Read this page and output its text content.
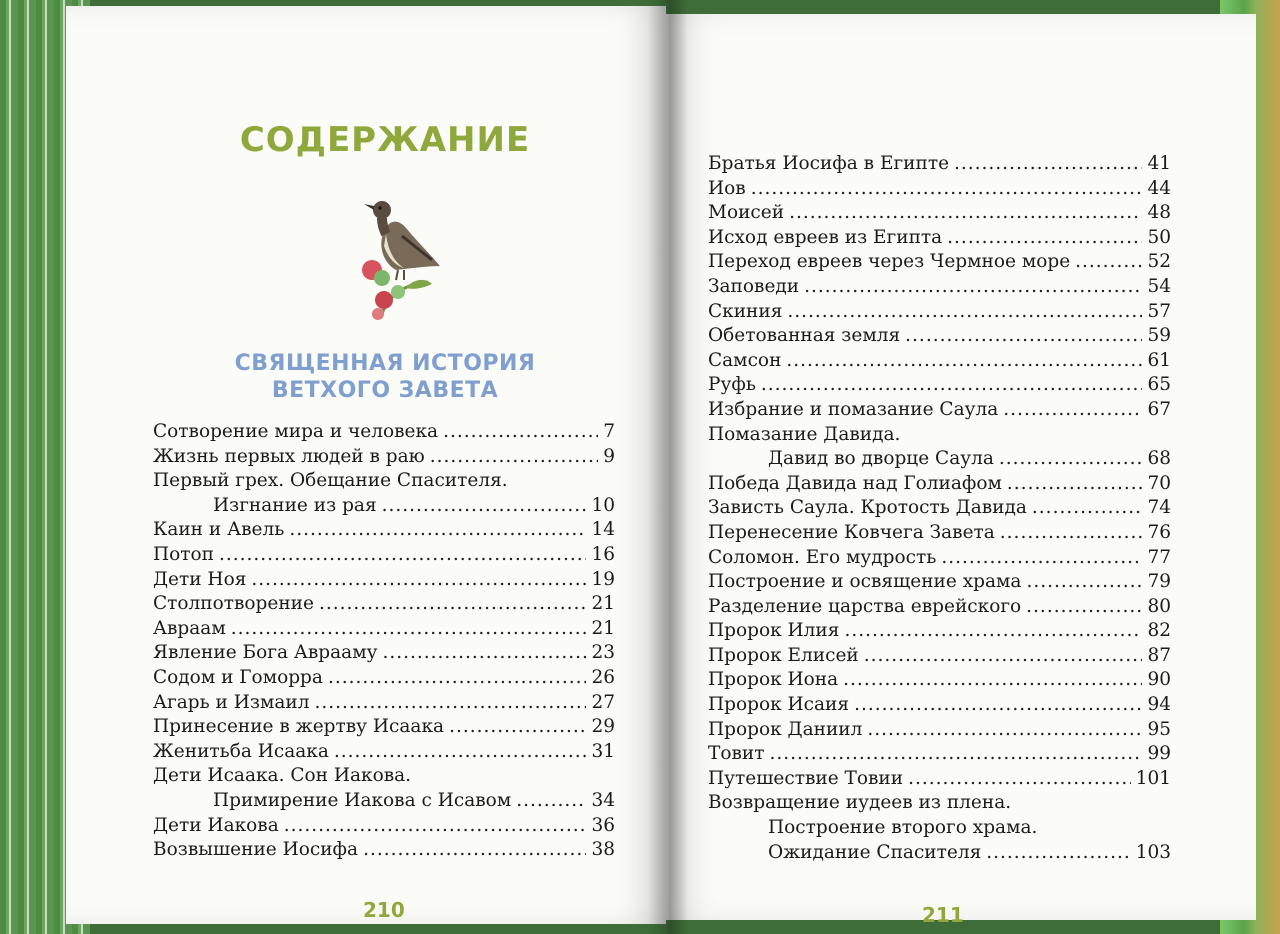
СОДЕРЖАНИЕ
СВЯЩЕННАЯ ИСТОРИЯ
ВЕТХОГО ЗАВЕТА
Сотворение мира и человека .....	7
Жизнь первых людей в раю .....	9
Первый грех. Обещание Спасителя.
Изгнание из рая .....	10
Каин и Авель .....	14
Потоп .....	16
Дети Ноя .....	19
Столпотворение .....	21
Авраам .....	21
Явление Бога Аврааму .....	23
Содом и Гоморра .....	26
Агарь и Измаил .....	27
Принесение в жертву Исаака .....	29
Женитьба Исаака .....	31
Дети Исаака. Сон Иакова.
Примирение Иакова с Исавом .....	34
Дети Иакова .....	36
Возвышение Иосифа .....	38
Братья Иосифа в Египте .....	41
Иов .....	44
Моисей .....	48
Исход евреев из Египта .....	50
Переход евреев через Чермное море .....	52
Заповеди .....	54
Скиния .....	57
Обетованная земля .....	59
Самсон .....	61
Руфь .....	65
Избрание и помазание Саула .....	67
Помазание Давида.
Давид во дворце Саула .....	68
Победа Давида над Голиафом .....	70
Зависть Саула. Кротость Давида .....	74
Перенесение Ковчега Завета .....	76
Соломон. Его мудрость .....	77
Построение и освящение храма .....	79
Разделение царства еврейского .....	80
Пророк Илия .....	82
Пророк Елисей .....	87
Пророк Иона .....	90
Пророк Исаия .....	94
Пророк Даниил .....	95
Товит .....	99
Путешествие Товии .....	101
Возвращение иудеев из плена.
Построение второго храма.
Ожидание Спасителя .....	103
210	211
